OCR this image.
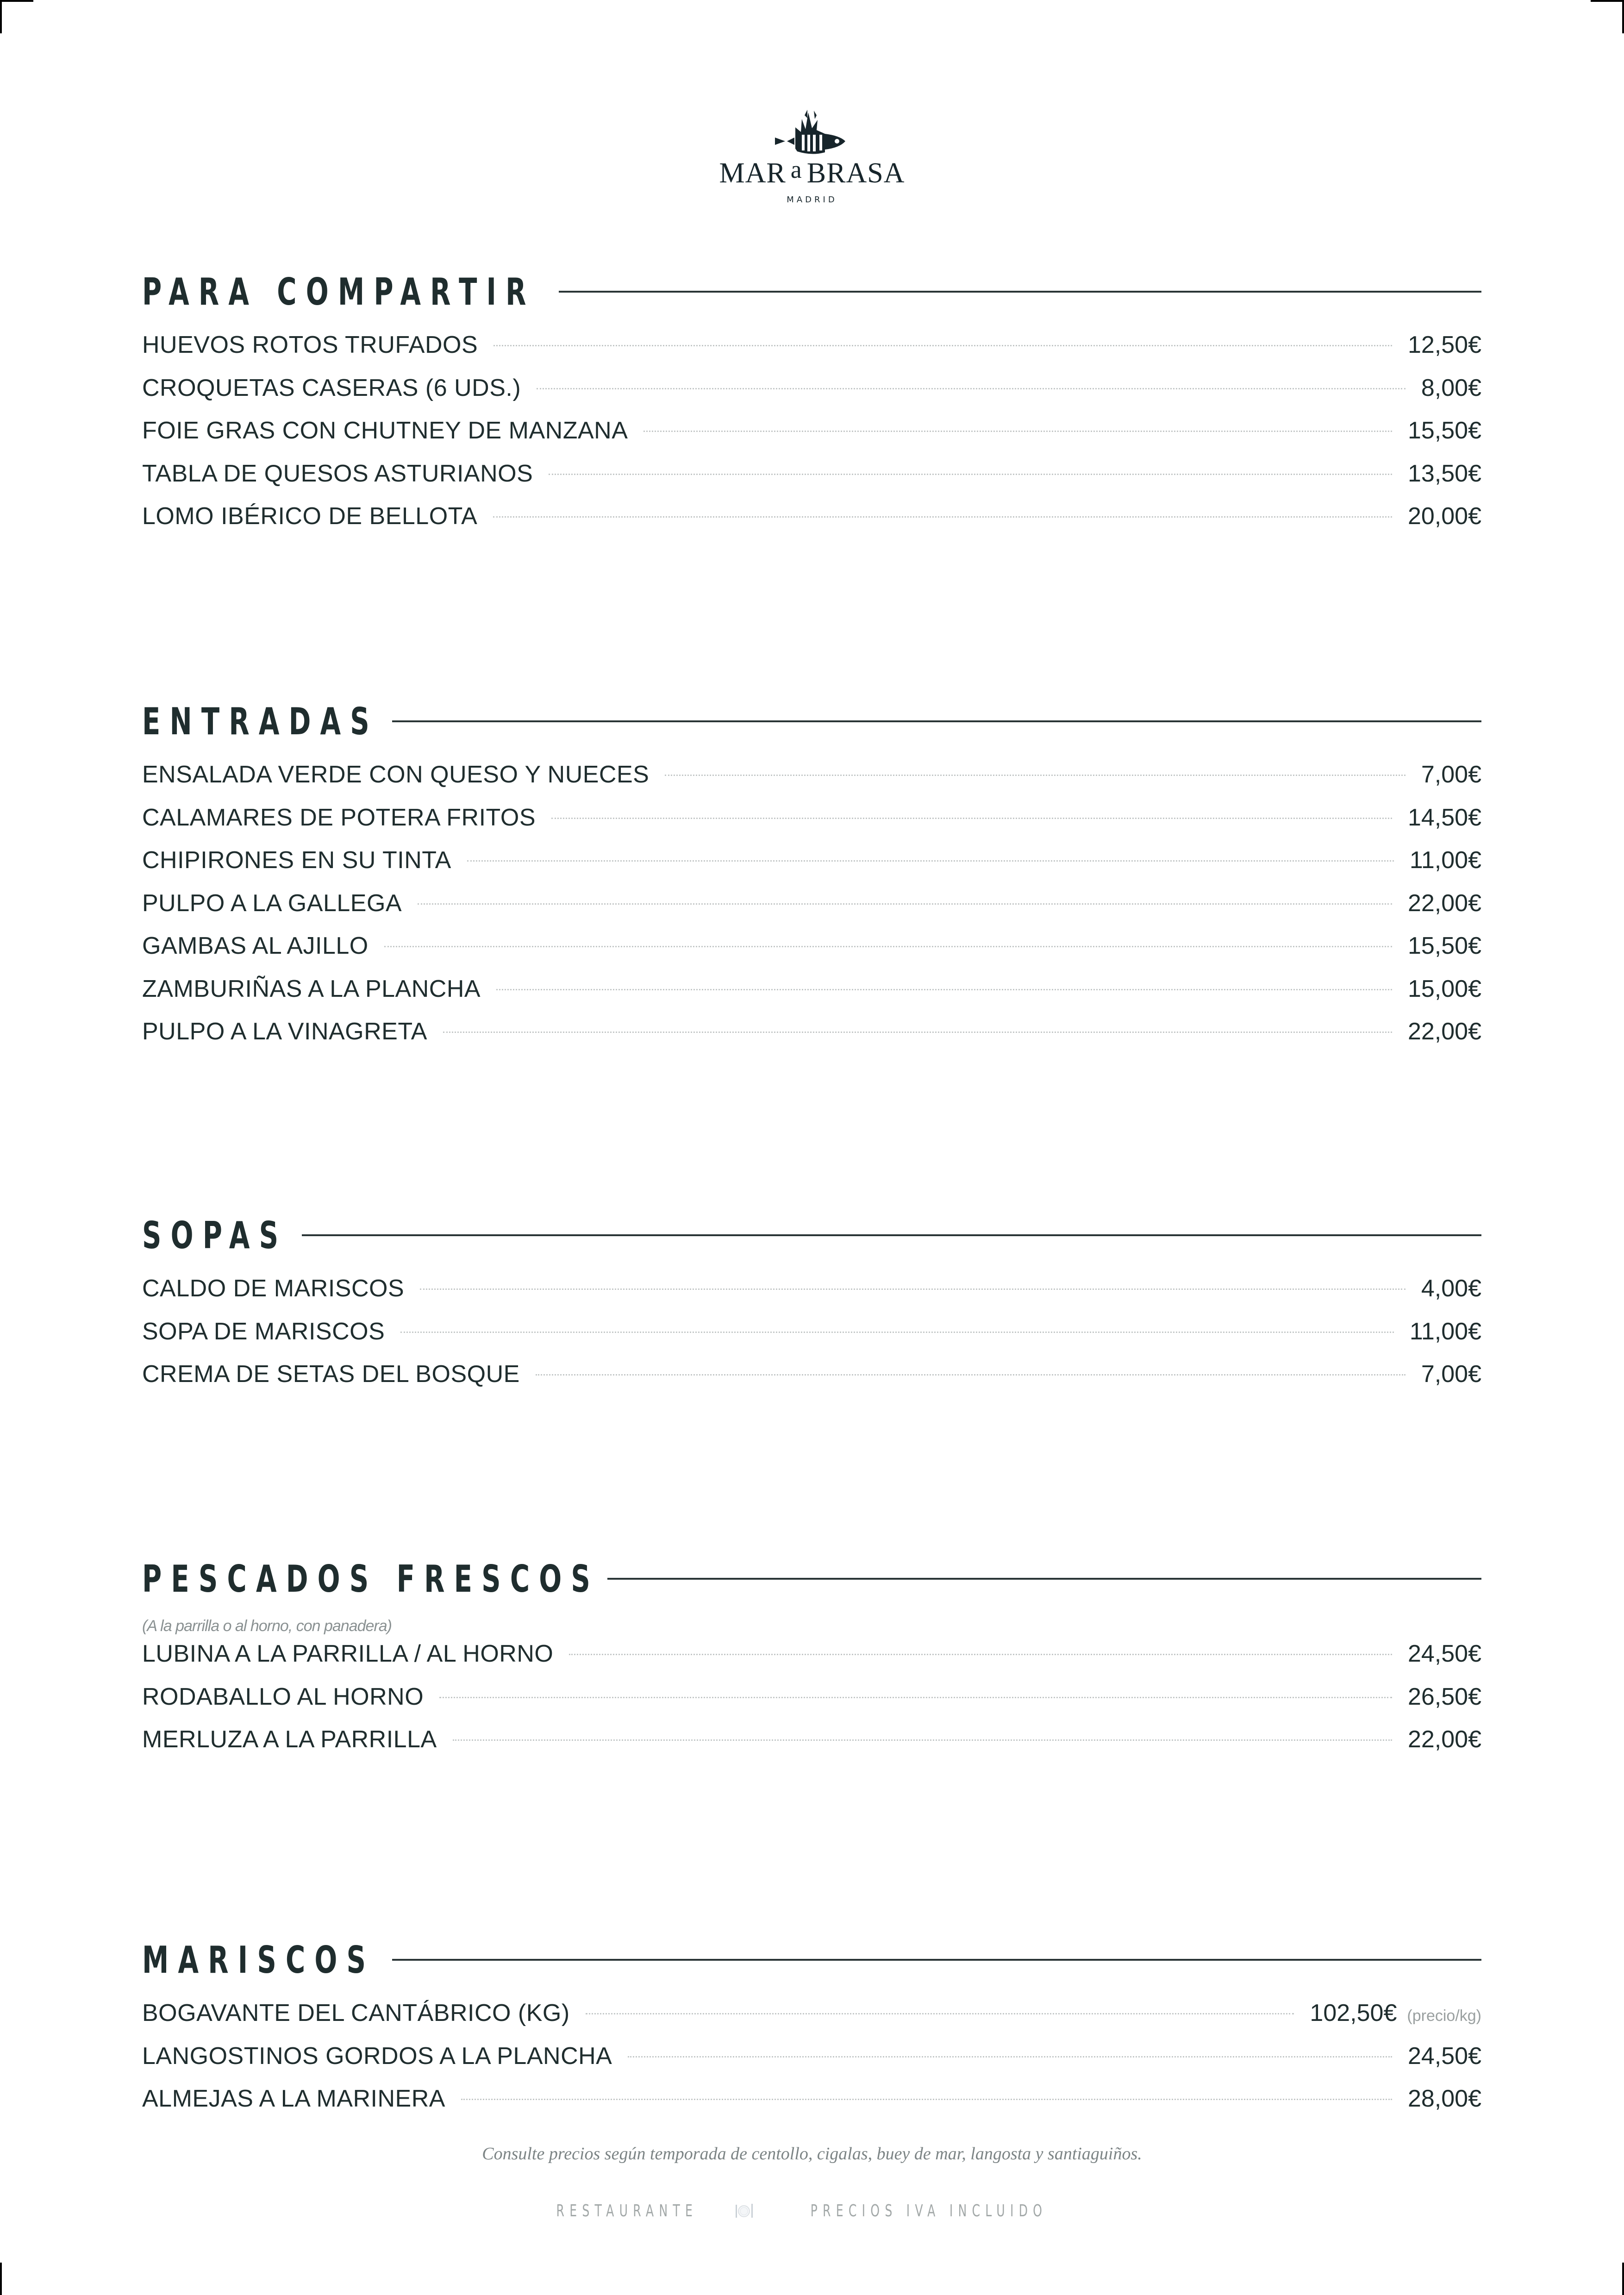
MAR a BRASA
MADRID
PARA COMPARTIR
HUEVOS ROTOS TRUFADOS	12,50€
CROQUETAS CASERAS (6 UDS.)	8,00€
FOIE GRAS CON CHUTNEY DE MANZANA	15,50€
TABLA DE QUESOS ASTURIANOS	13,50€
LOMO IBÉRICO DE BELLOTA	20,00€
ENTRADAS
ENSALADA VERDE CON QUESO Y NUECES	7,00€
CALAMARES DE POTERA FRITOS	14,50€
CHIPIRONES EN SU TINTA	11,00€
PULPO A LA GALLEGA	22,00€
GAMBAS AL AJILLO	15,50€
ZAMBURIÑAS A LA PLANCHA	15,00€
PULPO A LA VINAGRETA	22,00€
SOPAS
CALDO DE MARISCOS	4,00€
SOPA DE MARISCOS	11,00€
CREMA DE SETAS DEL BOSQUE	7,00€
PESCADOS FRESCOS
(A la parrilla o al horno, con panadera)
LUBINA A LA PARRILLA / AL HORNO	24,50€
RODABALLO AL HORNO	26,50€
MERLUZA A LA PARRILLA	22,00€
MARISCOS
BOGAVANTE DEL CANTÁBRICO (KG)	102,50€ (precio/kg)
LANGOSTINOS GORDOS A LA PLANCHA	24,50€
ALMEJAS A LA MARINERA	28,00€
Consulte precios según temporada de centollo, cigalas, buey de mar, langosta y santiaguiños.
RESTAURANTE	PRECIOS IVA INCLUIDO
